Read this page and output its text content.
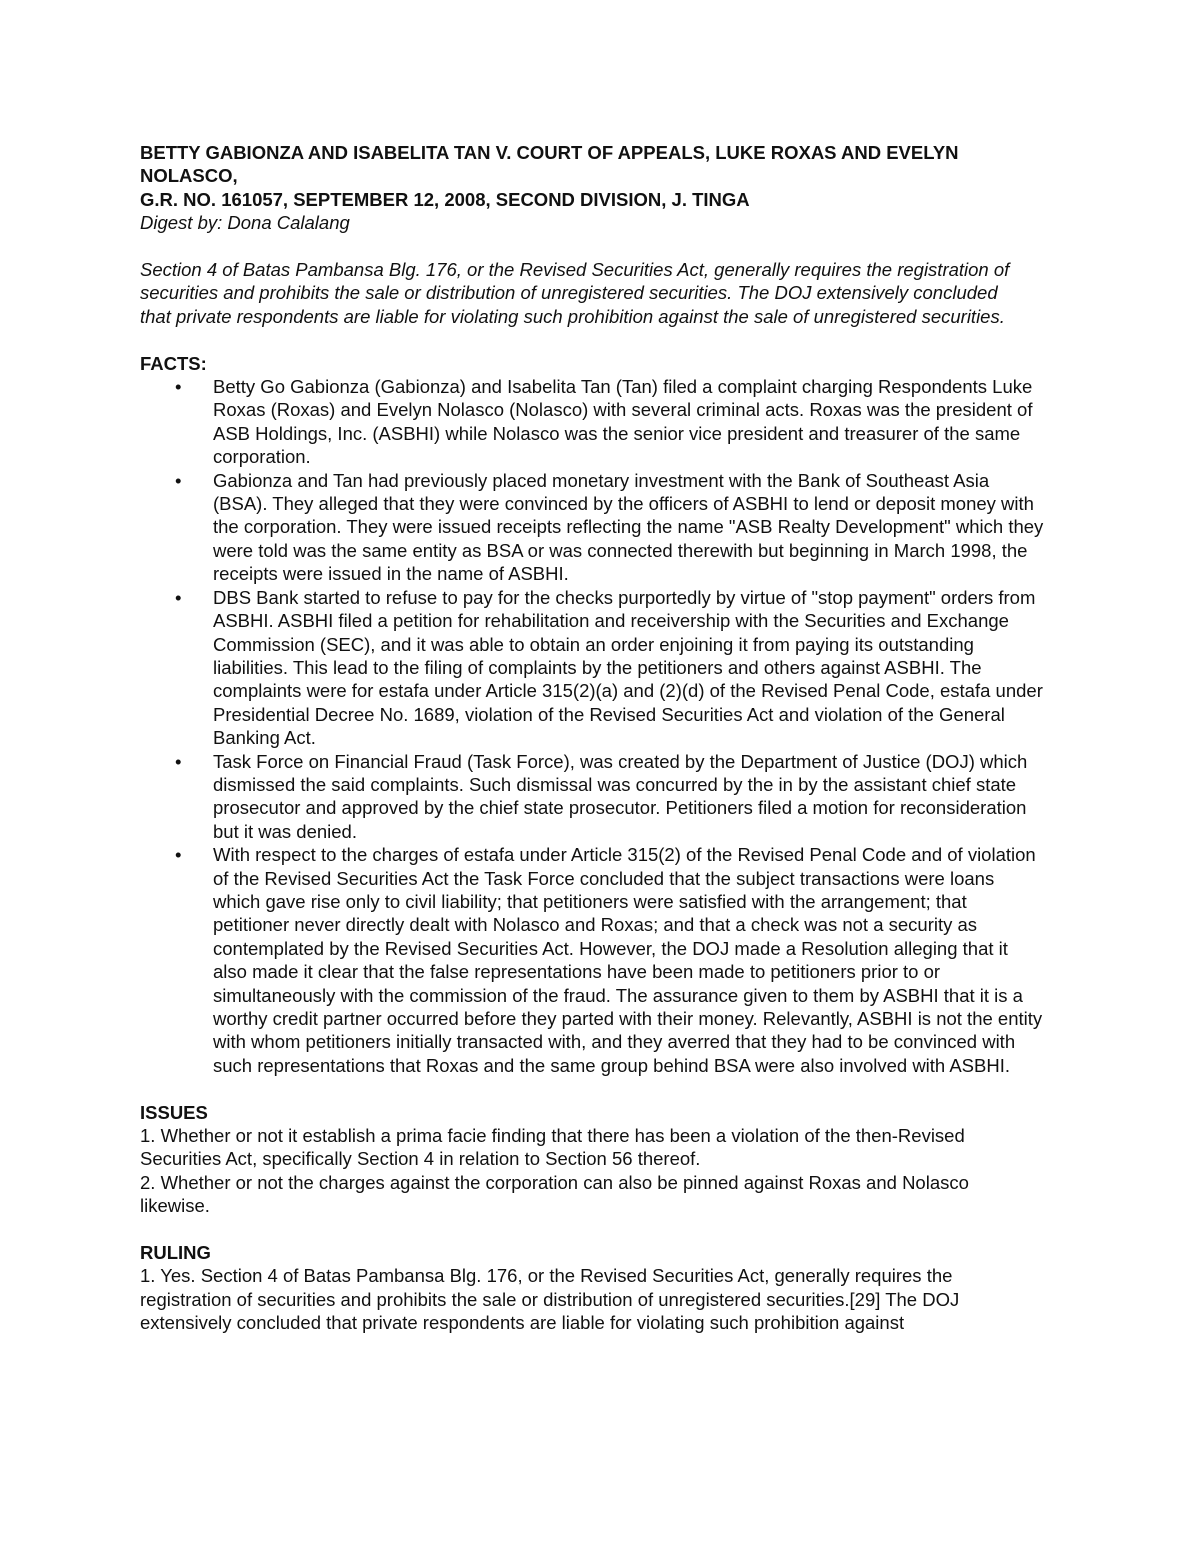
BETTY GABIONZA AND ISABELITA TAN V. COURT OF APPEALS, LUKE ROXAS AND EVELYN NOLASCO,

G.R. NO. 161057, SEPTEMBER 12, 2008, SECOND DIVISION, J. TINGA

Digest by: Dona Calalang

Section 4 of Batas Pambansa Blg. 176, or the Revised Securities Act, generally requires the registration of securities and prohibits the sale or distribution of unregistered securities. The DOJ extensively concluded that private respondents are liable for violating such prohibition against the sale of unregistered securities.

FACTS:

• Betty Go Gabionza (Gabionza) and Isabelita Tan (Tan) filed a complaint charging Respondents Luke Roxas (Roxas) and Evelyn Nolasco (Nolasco) with several criminal acts. Roxas was the president of ASB Holdings, Inc. (ASBHI) while Nolasco was the senior vice president and treasurer of the same corporation.
• Gabionza and Tan had previously placed monetary investment with the Bank of Southeast Asia (BSA). They alleged that they were convinced by the officers of ASBHI to lend or deposit money with the corporation. They were issued receipts reflecting the name "ASB Realty Development" which they were told was the same entity as BSA or was connected therewith but beginning in March 1998, the receipts were issued in the name of ASBHI.
• DBS Bank started to refuse to pay for the checks purportedly by virtue of "stop payment" orders from ASBHI. ASBHI filed a petition for rehabilitation and receivership with the Securities and Exchange Commission (SEC), and it was able to obtain an order enjoining it from paying its outstanding liabilities. This lead to the filing of complaints by the petitioners and others against ASBHI. The complaints were for estafa under Article 315(2)(a) and (2)(d) of the Revised Penal Code, estafa under Presidential Decree No. 1689, violation of the Revised Securities Act and violation of the General Banking Act.
• Task Force on Financial Fraud (Task Force), was created by the Department of Justice (DOJ) which dismissed the said complaints. Such dismissal was concurred by the in by the assistant chief state prosecutor and approved by the chief state prosecutor. Petitioners filed a motion for reconsideration but it was denied.
• With respect to the charges of estafa under Article 315(2) of the Revised Penal Code and of violation of the Revised Securities Act the Task Force concluded that the subject transactions were loans which gave rise only to civil liability; that petitioners were satisfied with the arrangement; that petitioner never directly dealt with Nolasco and Roxas; and that a check was not a security as contemplated by the Revised Securities Act. However, the DOJ made a Resolution alleging that it also made it clear that the false representations have been made to petitioners prior to or simultaneously with the commission of the fraud. The assurance given to them by ASBHI that it is a worthy credit partner occurred before they parted with their money. Relevantly, ASBHI is not the entity with whom petitioners initially transacted with, and they averred that they had to be convinced with such representations that Roxas and the same group behind BSA were also involved with ASBHI.

ISSUES

1. Whether or not it establish a prima facie finding that there has been a violation of the then-Revised Securities Act, specifically Section 4 in relation to Section 56 thereof.

2. Whether or not the charges against the corporation can also be pinned against Roxas and Nolasco likewise.

RULING

1. Yes. Section 4 of Batas Pambansa Blg. 176, or the Revised Securities Act, generally requires the registration of securities and prohibits the sale or distribution of unregistered securities.[29] The DOJ extensively concluded that private respondents are liable for violating such prohibition against
